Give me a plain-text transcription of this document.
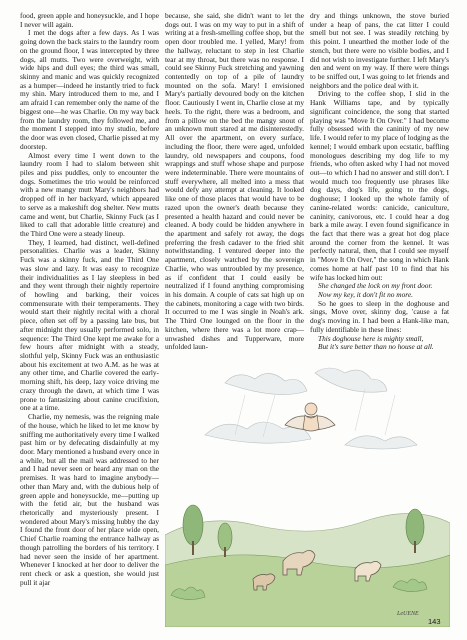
food, green apple and honeysuckle, and I hope I never will again.

I met the dogs after a few days. As I was going down the back stairs to the laundry room on the ground floor, I was intercepted by three dogs, all mutts. Two were overweight, with wide hips and dull eyes; the third was small, skinny and manic and was quickly recognized as a humper—indeed he instantly tried to fuck my shin. Mary introduced them to me, and I am afraid I can remember only the name of the biggest one—he was Charlie. On my way back from the laundry room, they followed me, and the moment I stepped into my studio, before the door was even closed, Charlie pissed at my doorstep.

Almost every time I went down to the laundry room I had to slalom between shit piles and piss puddles, only to encounter the dogs. Sometimes the trio would be reinforced with a new mangy mutt Mary's neighbors had dropped off in her backyard, which appeared to serve as a makeshift dog shelter. New mutts came and went, but Charlie, Skinny Fuck (as I liked to call that adorable little creature) and the Third One were a steady lineup.

They, I learned, had distinct, well-defined personalities. Charlie was a leader, Skinny Fuck was a skinny fuck, and the Third One was slow and lazy. It was easy to recognize their individualities as I lay sleepless in bed and they went through their nightly repertoire of howling and barking, their voices commensurate with their temperaments. They would start their nightly recital with a choral piece, often set off by a passing late bus, but after midnight they usually performed solo, in sequence: The Third One kept me awake for a few hours after midnight with a steady, slothful yelp, Skinny Fuck was an enthusiastic about his excitement at two A.M. as he was at any other time, and Charlie covered the early-morning shift, his deep, lazy voice driving me crazy through the dawn, at which time I was prone to fantasizing about canine crucifixion, one at a time.

Charlie, my nemesis, was the reigning male of the house, which he liked to let me know by sniffing me authoritatively every time I walked past him or by defecating disdainfully at my door. Mary mentioned a husband every once in a while, but all the mail was addressed to her and I had never seen or heard any man on the premises. It was hard to imagine anybody—other than Mary and, with the dubious help of green apple and honeysuckle, me—putting up with the fetid air, but the husband was rhetorically and mysteriously present. I wondered about Mary's missing hubby the day I found the front door of her place wide open, Chief Charlie roaming the entrance hallway as though patrolling the borders of his territory. I had never seen the inside of her apartment. Whenever I knocked at her door to deliver the rent check or ask a question, she would just pull it ajar

because, she said, she didn't want to let the dogs out. I was on my way to put in a shift of writing at a fresh-smelling coffee shop, but the open door troubled me. I yelled, Mary! from the hallway, reluctant to step in lest Charlie tear at my throat, but there was no response. I could see Skinny Fuck stretching and yawning contentedly on top of a pile of laundry mounted on the sofa. Mary! I envisioned Mary's partially devoured body on the kitchen floor. Cautiously I went in, Charlie close at my heels. To the right, there was a bedroom, and from a pillow on the bed the mangy snout of an unknown mutt stared at me disinterestedly. All over the apartment, on every surface, including the floor, there were aged, unfolded laundry, old newspapers and coupons, food wrappings and stuff whose shape and purpose were indeterminable. There were mountains of stuff everywhere, all melted into a mess that would defy any attempt at cleaning. It looked like one of those places that would have to be razed upon the owner's death because they presented a health hazard and could never be cleaned. A body could be hidden anywhere in the apartment and safely rot away, the dogs preferring the fresh cadaver to the fried shit notwithstanding. I ventured deeper into the apartment, closely watched by the sovereign Charlie, who was untroubled by my presence, as if confident that I could easily be neutralized if I found anything compromising in his domain. A couple of cats sat high up on the cabinets, monitoring a cage with two birds. It occurred to me I was single in Noah's ark. The Third One lounged on the floor in the kitchen, where there was a lot more crap—unwashed dishes and Tupperware, more unfolded laun-

dry and things unknown, the stove buried under a heap of pans, the cat litter I could smell but not see. I was steadily retching by this point. I unearthed the mother lode of the stench, but there were no visible bodies, and I did not wish to investigate further. I left Mary's den and went on my way. If there were things to be sniffed out, I was going to let friends and neighbors and the police deal with it.

Driving to the coffee shop, I slid in the Hank Williams tape, and by typically significant coincidence, the song that started playing was "Move It On Over." I had become fully obsessed with the caninity of my new life. I would refer to my place of lodging as the kennel; I would embark upon ecstatic, baffling monologues describing my dog life to my friends, who often asked why I had not moved out—to which I had no answer and still don't. I would much too frequently use phrases like dog days, dog's life, going to the dogs, doghouse; I looked up the whole family of canine-related words: canicide, caniculture, caninity, canivorous, etc. I could hear a dog bark a mile away. I even found significance in the fact that there was a great hot dog place around the corner from the kennel. It was perfectly natural, then, that I could see myself in "Move It On Over," the song in which Hank comes home at half past 10 to find that his wife has locked him out:

She changed the lock on my front door.

Now my key, it don't fit no more.

So he goes to sleep in the doghouse and sings, Move over, skinny dog, 'cause a fat dog's moving in. I had been a Hank-like man, fully identifiable in these lines:

This doghouse here is mighty small,

But it's sure better than no house at all.

LeUENE
143
